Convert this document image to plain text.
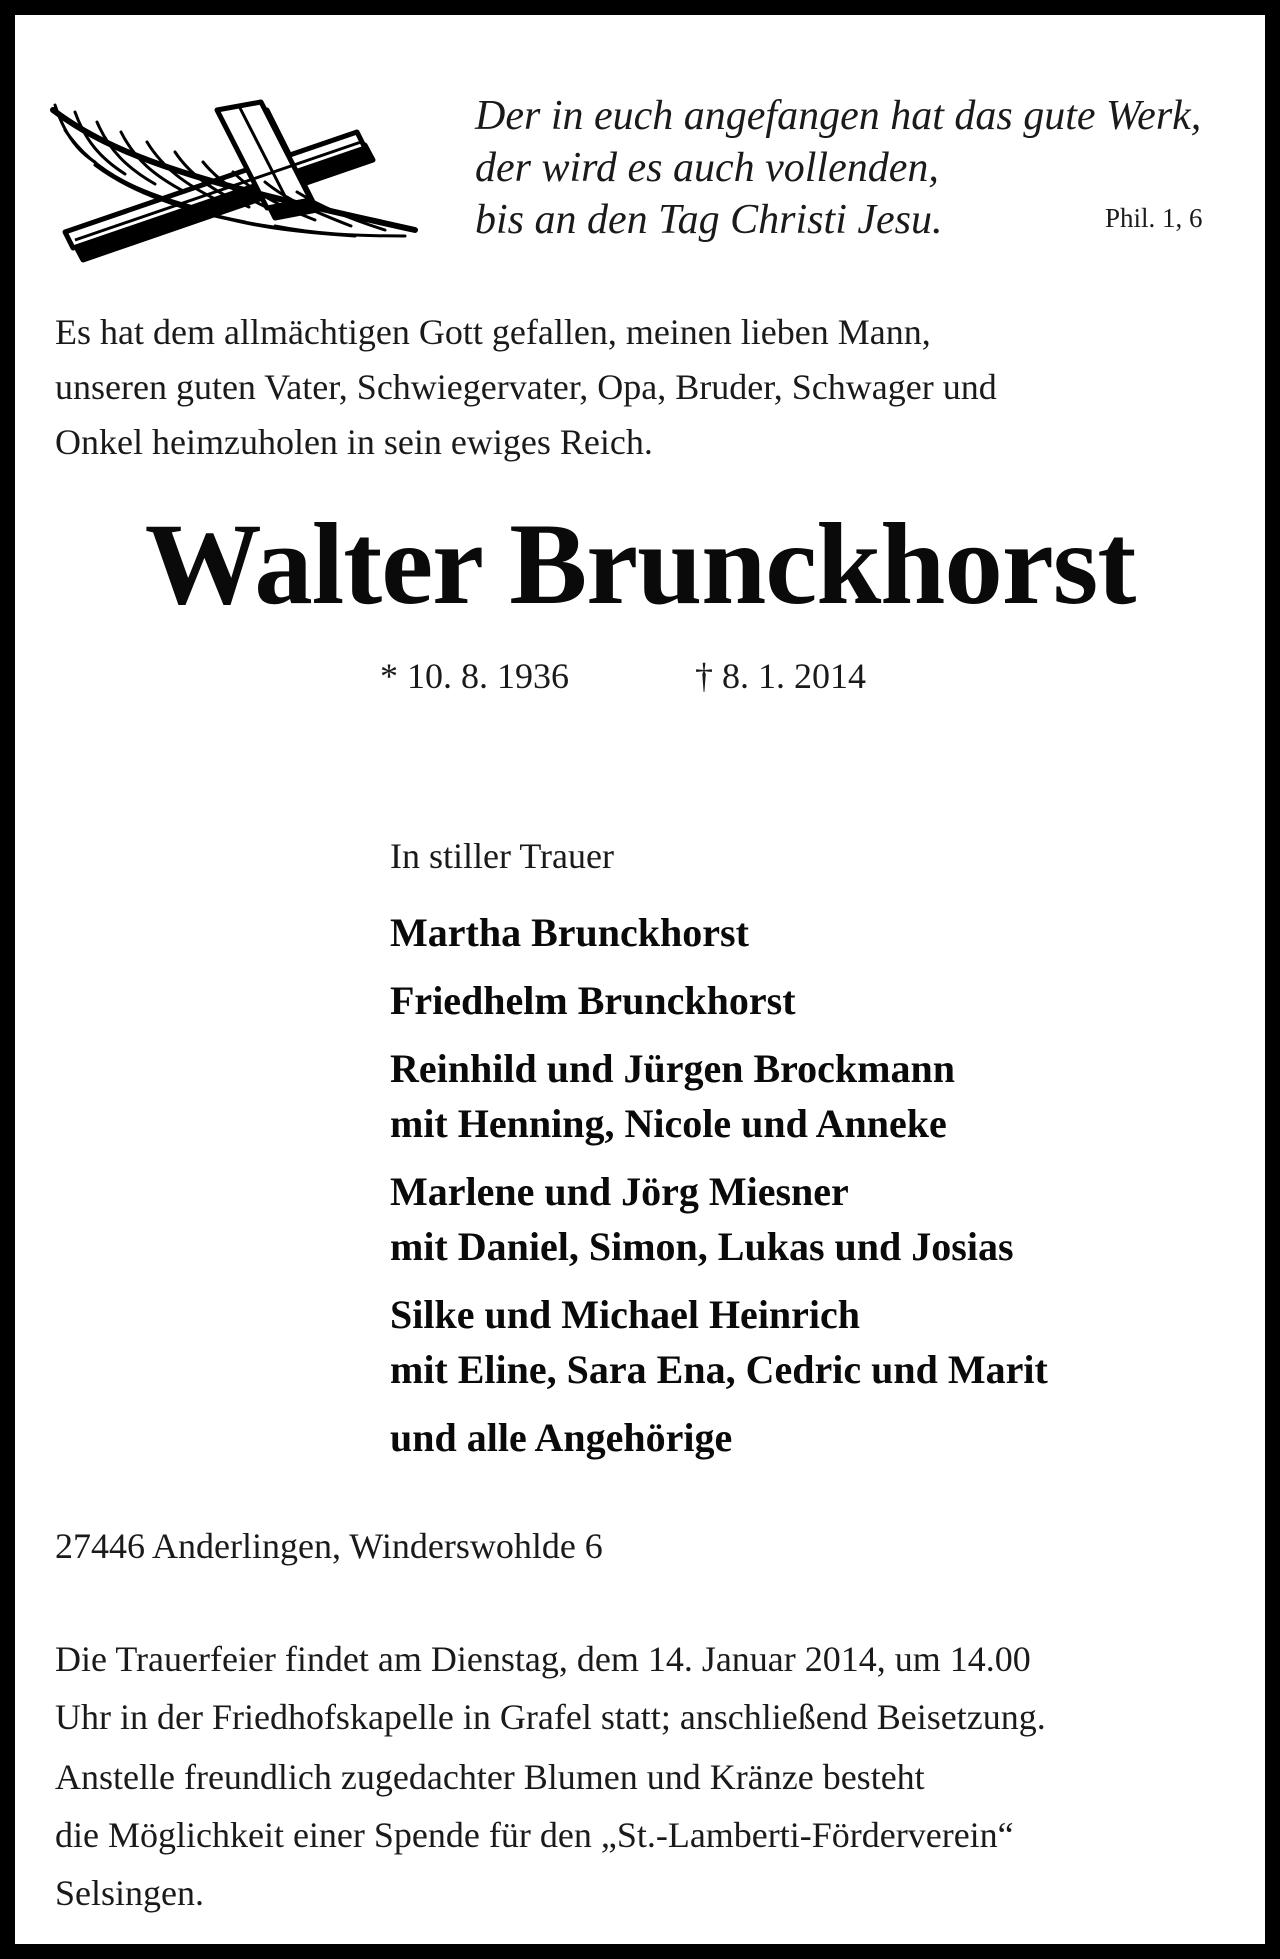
Der in euch angefangen hat das gute Werk,
der wird es auch vollenden,
bis an den Tag Christi Jesu.	Phil. 1, 6
Es hat dem allmächtigen Gott gefallen, meinen lieben Mann,
unseren guten Vater, Schwiegervater, Opa, Bruder, Schwager und
Onkel heimzuholen in sein ewiges Reich.
Walter Brunckhorst
* 10. 8. 1936	† 8. 1. 2014
In stiller Trauer
Martha Brunckhorst
Friedhelm Brunckhorst
Reinhild und Jürgen Brockmann
mit Henning, Nicole und Anneke
Marlene und Jörg Miesner
mit Daniel, Simon, Lukas und Josias
Silke und Michael Heinrich
mit Eline, Sara Ena, Cedric und Marit
und alle Angehörige
27446 Anderlingen, Winderswohlde 6
Die Trauerfeier findet am Dienstag, dem 14. Januar 2014, um 14.00
Uhr in der Friedhofskapelle in Grafel statt; anschließend Beisetzung.
Anstelle freundlich zugedachter Blumen und Kränze besteht
die Möglichkeit einer Spende für den „St.-Lamberti-Förderverein“
Selsingen.
